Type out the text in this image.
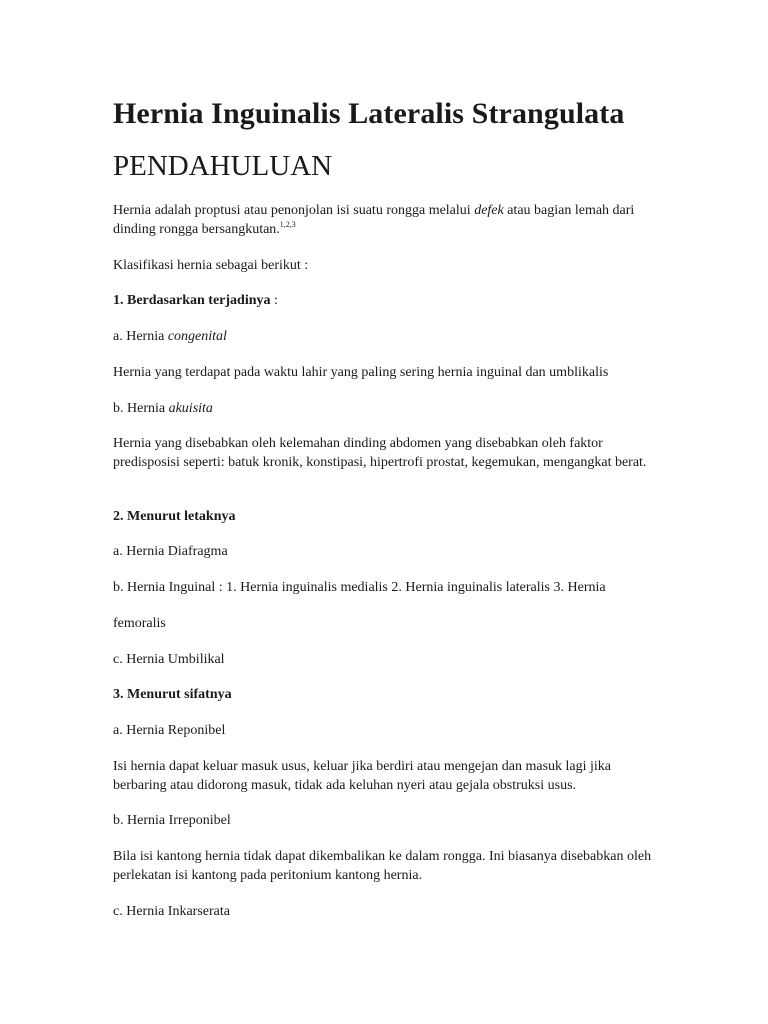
Hernia Inguinalis Lateralis Strangulata
PENDAHULUAN

Hernia adalah proptusi atau penonjolan isi suatu rongga melalui defek atau bagian lemah dari dinding rongga bersangkutan.$^{1,2,3}$

Klasifikasi hernia sebagai berikut :

1. Berdasarkan terjadinya :

a. Hernia congenital

Hernia yang terdapat pada waktu lahir yang paling sering hernia inguinal dan umblikalis

b. Hernia akuisita

Hernia yang disebabkan oleh kelemahan dinding abdomen yang disebabkan oleh faktor predisposisi seperti: batuk kronik, konstipasi, hipertrofi prostat, kegemukan, mengangkat berat.

2. Menurut letaknya

a. Hernia Diafragma

b. Hernia Inguinal : 1. Hernia inguinalis medialis 2. Hernia inguinalis lateralis 3. Hernia

femoralis

c. Hernia Umbilikal

3. Menurut sifatnya

a. Hernia Reponibel

Isi hernia dapat keluar masuk usus, keluar jika berdiri atau mengejan dan masuk lagi jika berbaring atau didorong masuk, tidak ada keluhan nyeri atau gejala obstruksi usus.

b. Hernia Irreponibel

Bila isi kantong hernia tidak dapat dikembalikan ke dalam rongga. Ini biasanya disebabkan oleh perlekatan isi kantong pada peritonium kantong hernia.

c. Hernia Inkarserata
